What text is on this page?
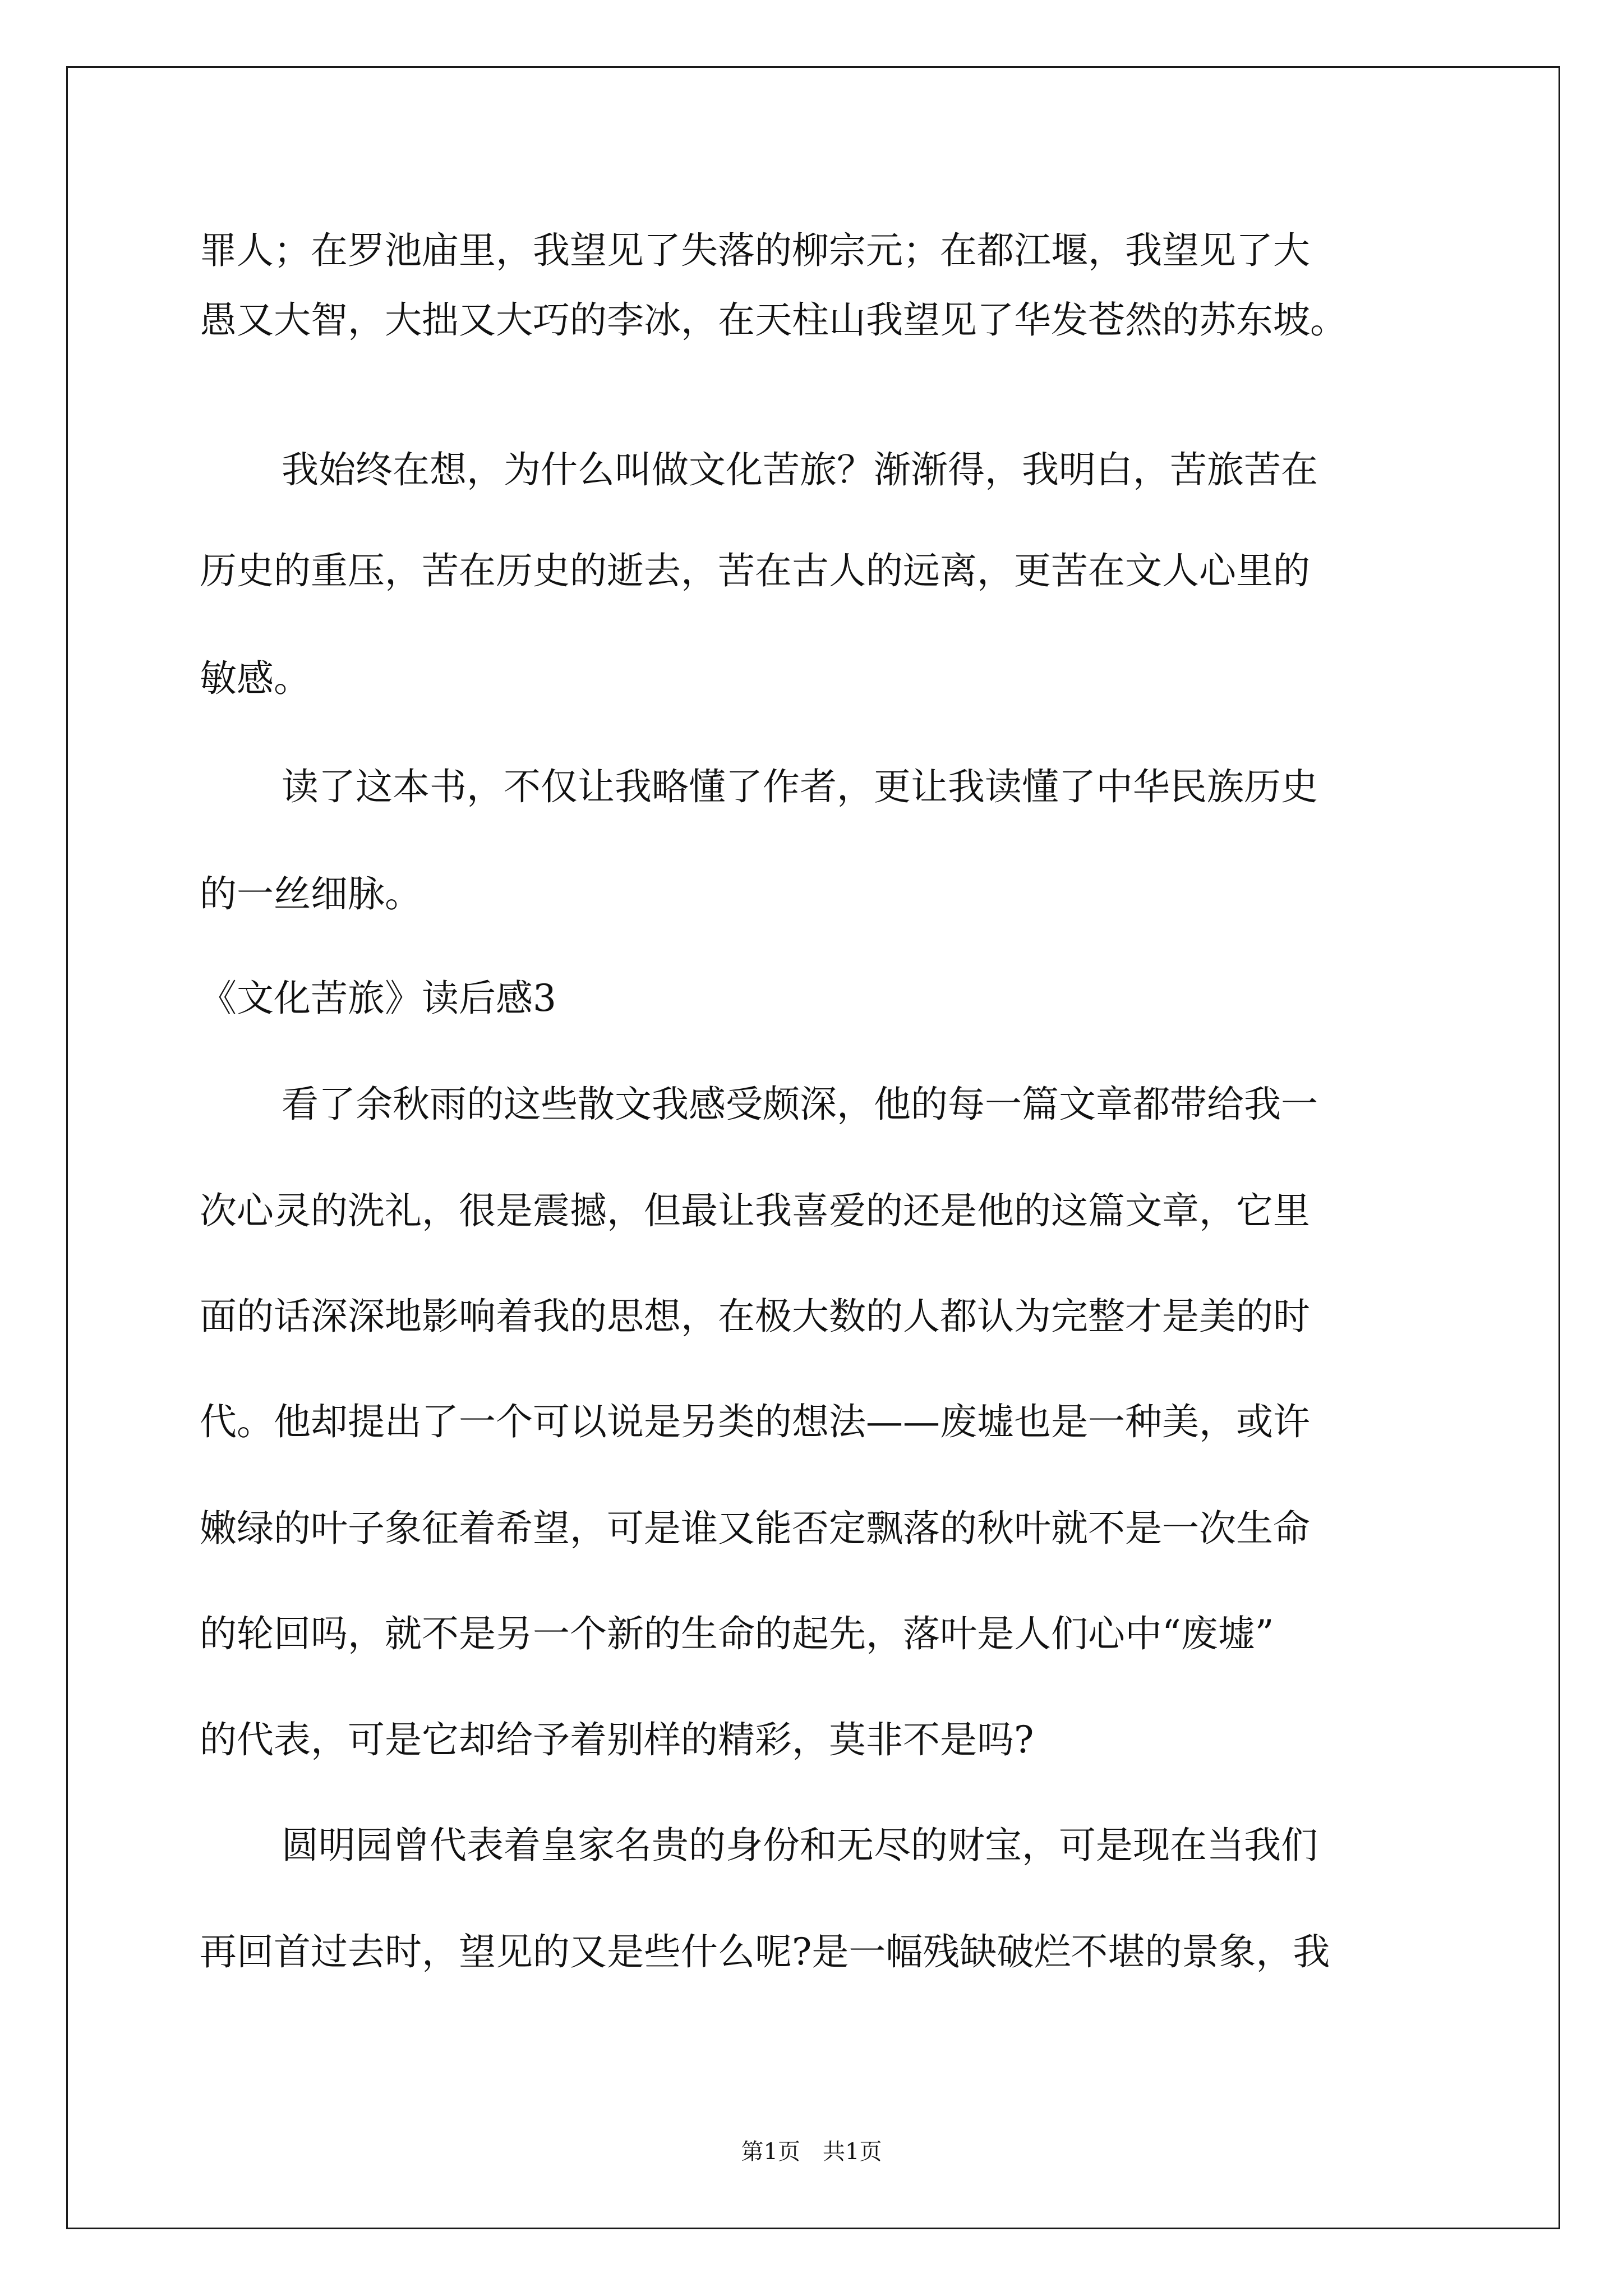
罪人；在罗池庙里，我望见了失落的柳宗元；在都江堰，我望见了大
愚又大智，大拙又大巧的李冰，在天柱山我望见了华发苍然的苏东坡。
我始终在想，为什么叫做文化苦旅？渐渐得，我明白，苦旅苦在
历史的重压，苦在历史的逝去，苦在古人的远离，更苦在文人心里的
敏感。
读了这本书，不仅让我略懂了作者，更让我读懂了中华民族历史
的一丝细脉。
《文化苦旅》读后感3
看了余秋雨的这些散文我感受颇深，他的每一篇文章都带给我一
次心灵的洗礼，很是震撼，但最让我喜爱的还是他的这篇文章，它里
面的话深深地影响着我的思想，在极大数的人都认为完整才是美的时
代。他却提出了一个可以说是另类的想法——废墟也是一种美，或许
嫩绿的叶子象征着希望，可是谁又能否定飘落的秋叶就不是一次生命
的轮回吗，就不是另一个新的生命的起先，落叶是人们心中“废墟”
的代表，可是它却给予着别样的精彩，莫非不是吗?
圆明园曾代表着皇家名贵的身份和无尽的财宝，可是现在当我们
再回首过去时，望见的又是些什么呢?是一幅残缺破烂不堪的景象，我
第1页　共1页
